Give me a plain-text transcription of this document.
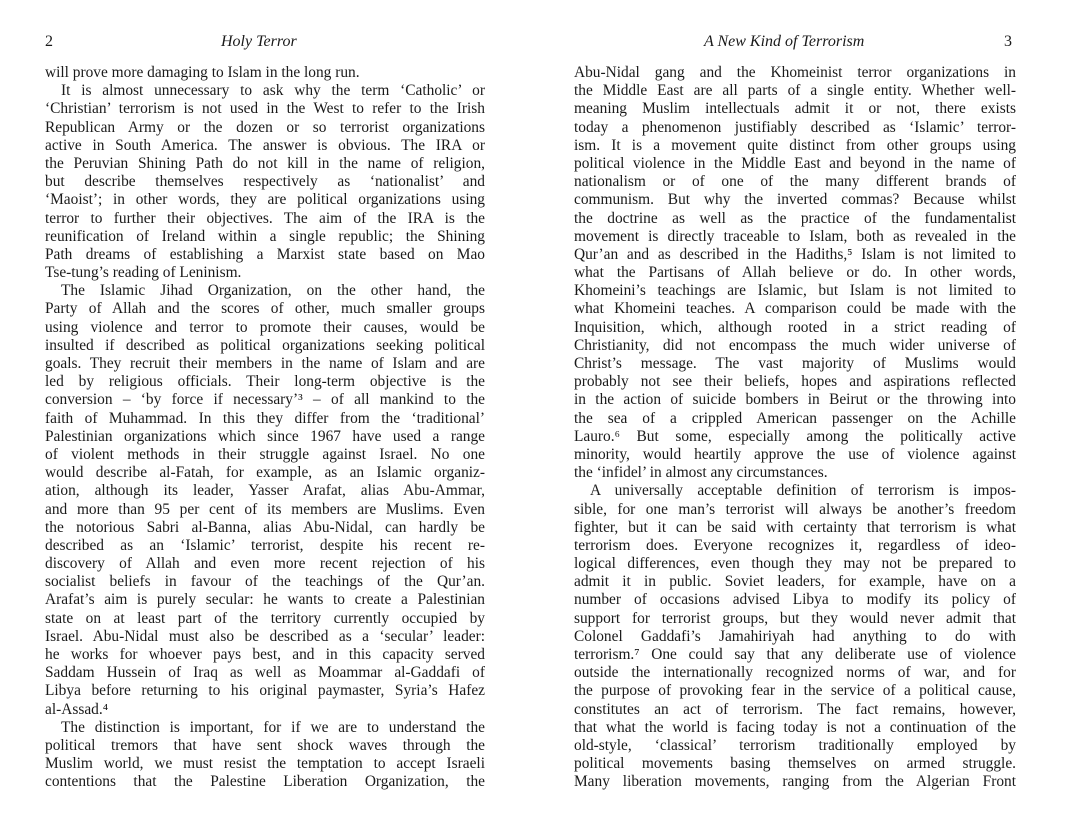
2	Holy Terror
will prove more damaging to Islam in the long run.
It is almost unnecessary to ask why the term ‘Catholic’ or
‘Christian’ terrorism is not used in the West to refer to the Irish
Republican Army or the dozen or so terrorist organizations
active in South America. The answer is obvious. The IRA or
the Peruvian Shining Path do not kill in the name of religion,
but describe themselves respectively as ‘nationalist’ and
‘Maoist’; in other words, they are political organizations using
terror to further their objectives. The aim of the IRA is the
reunification of Ireland within a single republic; the Shining
Path dreams of establishing a Marxist state based on Mao
Tse-tung’s reading of Leninism.
The Islamic Jihad Organization, on the other hand, the
Party of Allah and the scores of other, much smaller groups
using violence and terror to promote their causes, would be
insulted if described as political organizations seeking political
goals. They recruit their members in the name of Islam and are
led by religious officials. Their long-term objective is the
conversion – ‘by force if necessary’³ – of all mankind to the
faith of Muhammad. In this they differ from the ‘traditional’
Palestinian organizations which since 1967 have used a range
of violent methods in their struggle against Israel. No one
would describe al-Fatah, for example, as an Islamic organiz-
ation, although its leader, Yasser Arafat, alias Abu-Ammar,
and more than 95 per cent of its members are Muslims. Even
the notorious Sabri al-Banna, alias Abu-Nidal, can hardly be
described as an ‘Islamic’ terrorist, despite his recent re-
discovery of Allah and even more recent rejection of his
socialist beliefs in favour of the teachings of the Qur’an.
Arafat’s aim is purely secular: he wants to create a Palestinian
state on at least part of the territory currently occupied by
Israel. Abu-Nidal must also be described as a ‘secular’ leader:
he works for whoever pays best, and in this capacity served
Saddam Hussein of Iraq as well as Moammar al-Gaddafi of
Libya before returning to his original paymaster, Syria’s Hafez
al-Assad.⁴
The distinction is important, for if we are to understand the
political tremors that have sent shock waves through the
Muslim world, we must resist the temptation to accept Israeli
contentions that the Palestine Liberation Organization, the
A New Kind of Terrorism	3
Abu-Nidal gang and the Khomeinist terror organizations in
the Middle East are all parts of a single entity. Whether well-
meaning Muslim intellectuals admit it or not, there exists
today a phenomenon justifiably described as ‘Islamic’ terror-
ism. It is a movement quite distinct from other groups using
political violence in the Middle East and beyond in the name of
nationalism or of one of the many different brands of
communism. But why the inverted commas? Because whilst
the doctrine as well as the practice of the fundamentalist
movement is directly traceable to Islam, both as revealed in the
Qur’an and as described in the Hadiths,⁵ Islam is not limited to
what the Partisans of Allah believe or do. In other words,
Khomeini’s teachings are Islamic, but Islam is not limited to
what Khomeini teaches. A comparison could be made with the
Inquisition, which, although rooted in a strict reading of
Christianity, did not encompass the much wider universe of
Christ’s message. The vast majority of Muslims would
probably not see their beliefs, hopes and aspirations reflected
in the action of suicide bombers in Beirut or the throwing into
the sea of a crippled American passenger on the Achille
Lauro.⁶ But some, especially among the politically active
minority, would heartily approve the use of violence against
the ‘infidel’ in almost any circumstances.
A universally acceptable definition of terrorism is impos-
sible, for one man’s terrorist will always be another’s freedom
fighter, but it can be said with certainty that terrorism is what
terrorism does. Everyone recognizes it, regardless of ideo-
logical differences, even though they may not be prepared to
admit it in public. Soviet leaders, for example, have on a
number of occasions advised Libya to modify its policy of
support for terrorist groups, but they would never admit that
Colonel Gaddafi’s Jamahiriyah had anything to do with
terrorism.⁷ One could say that any deliberate use of violence
outside the internationally recognized norms of war, and for
the purpose of provoking fear in the service of a political cause,
constitutes an act of terrorism. The fact remains, however,
that what the world is facing today is not a continuation of the
old-style, ‘classical’ terrorism traditionally employed by
political movements basing themselves on armed struggle.
Many liberation movements, ranging from the Algerian Front
